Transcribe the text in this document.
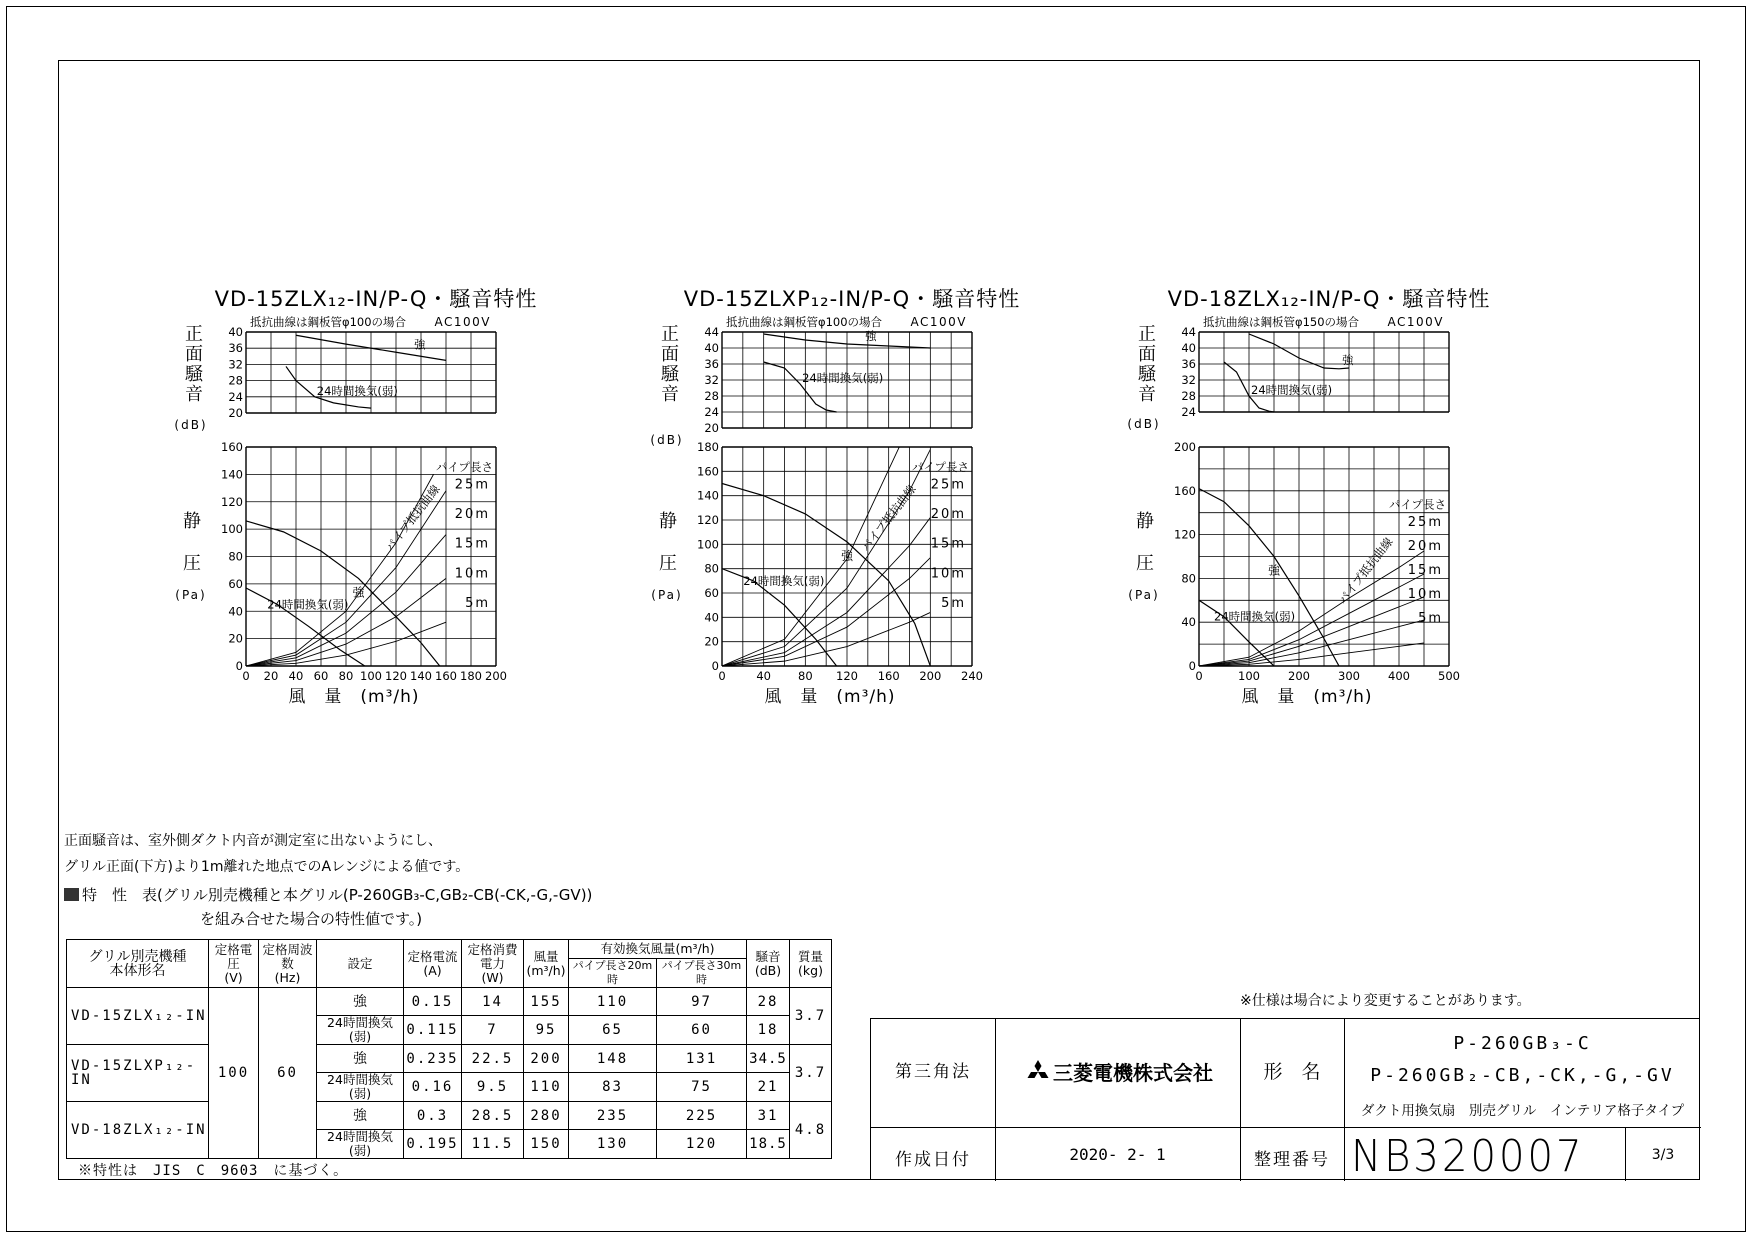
VD-15ZLX₁₂-IN/P-Q・騒音特性
抵抗曲線は鋼板管φ100の場合 AC100V
40
36
32
28
24
20
正
面
騒
音
(dB)
強
24時間換気(弱)
160
140
120
100
80
60
40
20
0
0 20 40 60 80 100 120 140 160 180 200
静
圧
(Pa)
風　量　(m³/h)
強
24時間換気(弱)
パイプ長さ
25m
20m
15m
10m
5m
パイプ抵抗曲線
VD-15ZLXP₁₂-IN/P-Q・騒音特性
抵抗曲線は鋼板管φ100の場合 AC100V
44
40
36
32
28
24
20
正
面
騒
音
(dB)
強
24時間換気(弱)
180
160
140
120
100
80
60
40
20
0
0	40 80 120 160 200 240
静
圧
(Pa)
風　量　(m³/h)
強
24時間換気(弱)
パイプ長さ
25m
20m
15m
10m
5m
パイプ抵抗曲線
VD-18ZLX₁₂-IN/P-Q・騒音特性
抵抗曲線は鋼板管φ150の場合 AC100V
44
40
36
32
28
24
正
面
騒
音
(dB)
強
24時間換気(弱)
200
160
120
80
40
0
0	100 200 300 400 500
静
圧
(Pa)
風　量　(m³/h)
強
24時間換気(弱)
パイプ長さ
25m
20m
15m
10m
5m
パイプ抵抗曲線
正面騒音は、室外側ダクト内音が測定室に出ないようにし、
グリル正面(下方)より1m離れた地点でのAレンジによる値です。
特　性　表(グリル別売機種と本グリル(P-260GB₃-C,GB₂-CB(-CK,-G,-GV))
を組み合せた場合の特性値です。)
グリル別売機種
本体形名	定格電圧
(V)	定格周波数
(Hz)	設定	定格電流
(A)	定格消費電力
(W)	風量
(m³/h)	有効換気風量(m³/h)		騒音
(dB)	質量
(kg)
							パイプ長さ20m時	パイプ長さ30m時		
VD-15ZLX₁₂-IN	100	60	強	0.15	14	155	110	97	28	3.7
			24時間換気(弱)	0.115	7	95	65	60	18	
VD-15ZLXP₁₂-IN			強	0.235	22.5	200	148	131	34.5	3.7
			24時間換気(弱)	0.16	9.5	110	83	75	21	
VD-18ZLX₁₂-IN			強	0.3	28.5	280	235	225	31	4.8
			24時間換気(弱)	0.195	11.5	150	130	120	18.5	
※特性は　JIS　C　9603　に基づく。
※仕様は場合により変更することがあります。
第三角法	三菱電機株式会社	形　名
P-260GB₃-C
P-260GB₂-CB,-CK,-G,-GV
ダクト用換気扇　別売グリル　インテリア格子タイプ
作成日付	2020- 2- 1	整理番号 NB320007	3/3
